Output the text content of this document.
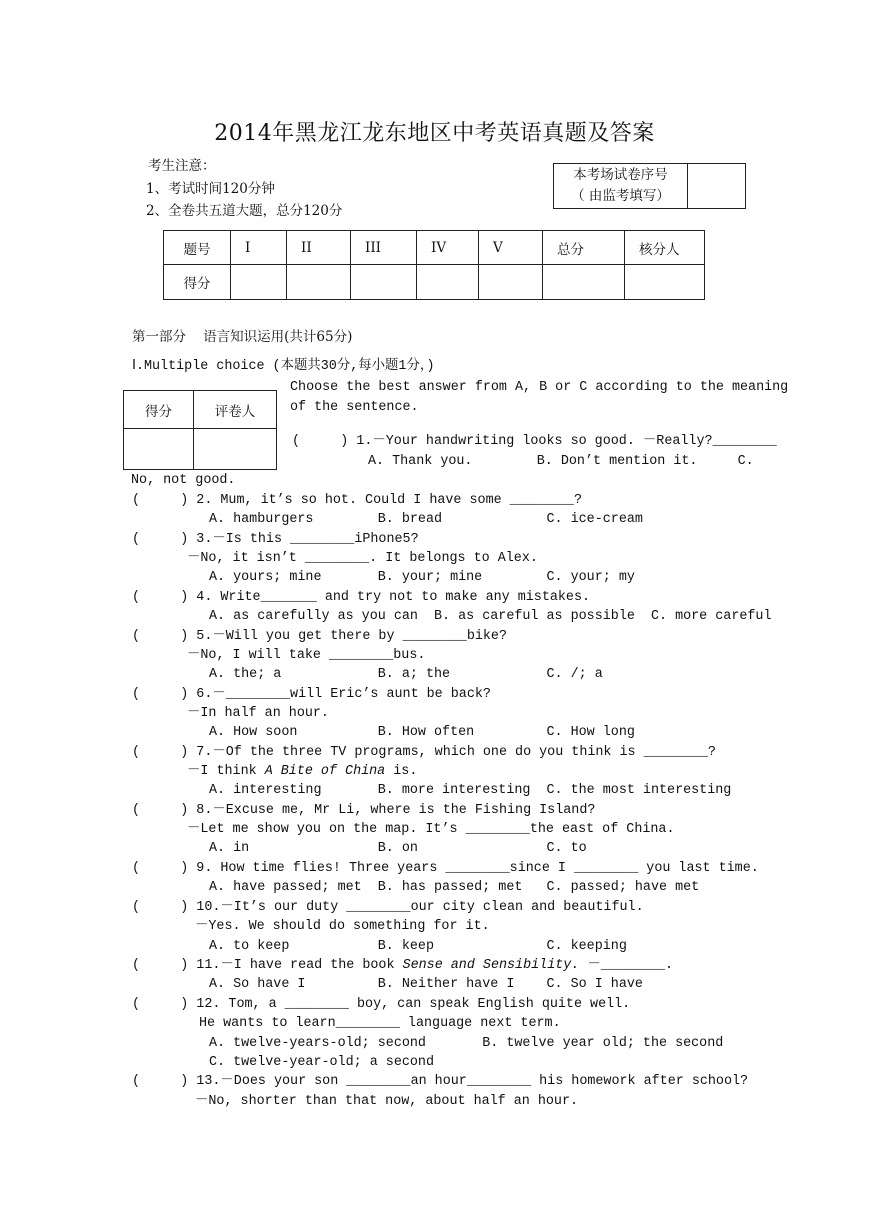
2014年黑龙江龙东地区中考英语真题及答案
考生注意：
1、考试时间120分钟
2、全卷共五道大题，总分120分
本考场试卷序号
（ 由监考填写）

题号	I	II	III	IV	V	总分	核分人
得分							
第一部分    语言知识运用(共计65分)
Ⅰ.Multiple choice (本题共30分,每小题1分，)
得分	评卷人

Choose the best answer from A, B or C according to the meaning
of the sentence.
(     ) 1.－Your handwriting looks so good. －Really?________
A. Thank you.        B. Don’t mention it.     C.
No, not good.
(     ) 2. Mum, it’s so hot. Could I have some ________?
A. hamburgers        B. bread             C. ice-cream
(     ) 3.－Is this ________iPhone5?
－No, it isn’t ________. It belongs to Alex.
A. yours; mine       B. your; mine        C. your; my
(     ) 4. Write_______ and try not to make any mistakes.
A. as carefully as you can  B. as careful as possible  C. more careful
(     ) 5.－Will you get there by ________bike?
－No, I will take ________bus.
A. the; a            B. a; the            C. /; a
(     ) 6.－________will Eric’s aunt be back?
－In half an hour.
A. How soon          B. How often         C. How long
(     ) 7.－Of the three TV programs, which one do you think is ________?
－I think A Bite of China is.
A. interesting       B. more interesting  C. the most interesting
(     ) 8.－Excuse me, Mr Li, where is the Fishing Island?
－Let me show you on the map. It’s ________the east of China.
A. in                B. on                C. to
(     ) 9. How time flies! Three years ________since I ________ you last time.
A. have passed; met  B. has passed; met   C. passed; have met
(     ) 10.－It’s our duty ________our city clean and beautiful.
－Yes. We should do something for it.
A. to keep           B. keep              C. keeping
(     ) 11.－I have read the book Sense and Sensibility. －________.
A. So have I         B. Neither have I    C. So I have
(     ) 12. Tom, a ________ boy, can speak English quite well.
He wants to learn________ language next term.
A. twelve-years-old; second       B. twelve year old; the second
C. twelve-year-old; a second
(     ) 13.－Does your son ________an hour________ his homework after school?
－No, shorter than that now, about half an hour.
